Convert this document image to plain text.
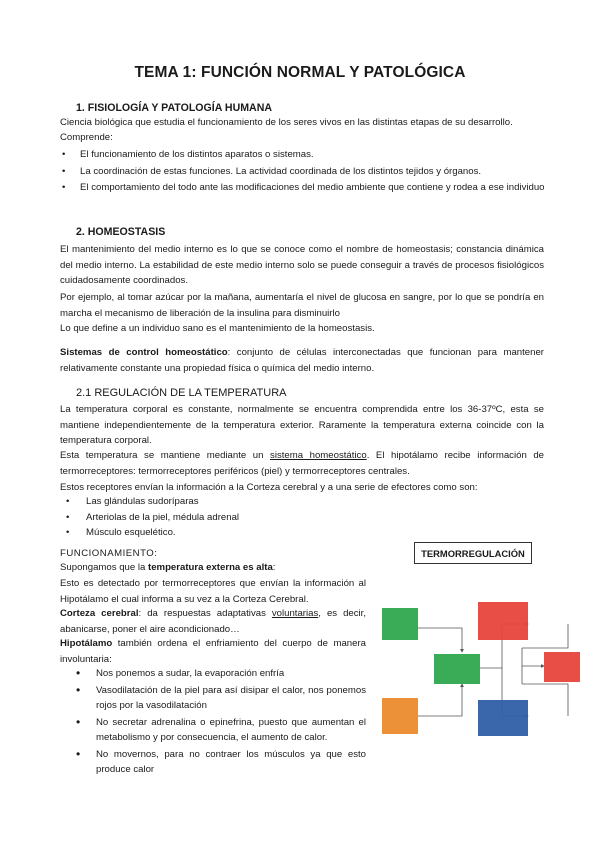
TEMA 1: FUNCIÓN NORMAL Y PATOLÓGICA
1. FISIOLOGÍA Y PATOLOGÍA HUMANA
Ciencia biológica que estudia el funcionamiento de los seres vivos en las distintas etapas de su desarrollo.
Comprende:
• El funcionamiento de los distintos aparatos o sistemas.
• La coordinación de estas funciones. La actividad coordinada de los distintos tejidos y órganos.
• El comportamiento del todo ante las modificaciones del medio ambiente que contiene y rodea a ese individuo
2. HOMEOSTASIS
El mantenimiento del medio interno es lo que se conoce como el nombre de homeostasis; constancia dinámica del medio interno. La estabilidad de este medio interno solo se puede conseguir a través de procesos fisiológicos cuidadosamente coordinados.
Por ejemplo, al tomar azúcar por la mañana, aumentaría el nivel de glucosa en sangre, por lo que se pondría en marcha el mecanismo de liberación de la insulina para disminuirlo
Lo que define a un individuo sano es el mantenimiento de la homeostasis.
Sistemas de control homeostático: conjunto de células interconectadas que funcionan para mantener relativamente constante una propiedad física o química del medio interno.
2.1 REGULACIÓN DE LA TEMPERATURA
La temperatura corporal es constante, normalmente se encuentra comprendida entre los 36-37ºC, esta se mantiene independientemente de la temperatura exterior. Raramente la temperatura externa coincide con la temperatura corporal.
Esta temperatura se mantiene mediante un sistema homeostático. El hipotálamo recibe información de termorreceptores: termorreceptores periféricos (piel) y termorreceptores centrales.
Estos receptores envían la información a la Corteza cerebral y a una serie de efectores como son:
• Las glándulas sudoríparas
• Arteriolas de la piel, médula adrenal
• Músculo esquelético.
FUNCIONAMIENTO:
Supongamos que la temperatura externa es alta:
Esto es detectado por termorreceptores que envían la información al Hipotálamo el cual informa a su vez a la Corteza Cerebral.
Corteza cerebral: da respuestas adaptativas voluntarias, es decir, abanicarse, poner el aire acondicionado…
Hipotálamo también ordena el enfriamiento del cuerpo de manera involuntaria:
• Nos ponemos a sudar, la evaporación enfría
• Vasodilatación de la piel para así disipar el calor, nos ponemos rojos por la vasodilatación
• No secretar adrenalina o epinefrina, puesto que aumentan el metabolismo y por consecuencia, el aumento de calor.
• No movernos, para no contraer los músculos ya que esto produce calor
TERMORREGULACIÓN
